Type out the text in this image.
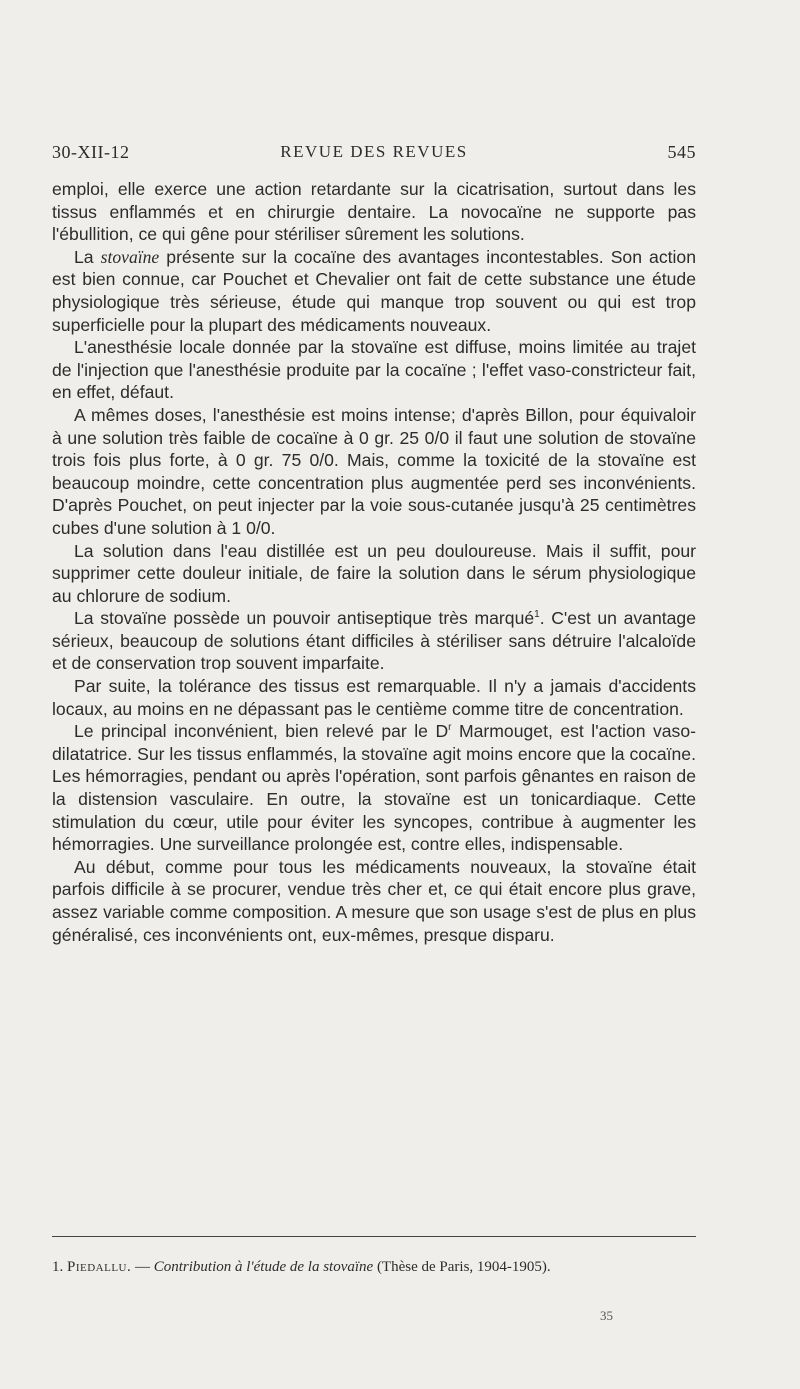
30-XII-12	REVUE DES REVUES	545

emploi, elle exerce une action retardante sur la cicatrisation, surtout dans les tissus enflammés et en chirurgie dentaire. La novocaïne ne supporte pas l'ébullition, ce qui gêne pour stériliser sûrement les solutions.

La stovaïne présente sur la cocaïne des avantages incontestables. Son action est bien connue, car Pouchet et Chevalier ont fait de cette substance une étude physiologique très sérieuse, étude qui manque trop souvent ou qui est trop superficielle pour la plupart des médicaments nouveaux.

L'anesthésie locale donnée par la stovaïne est diffuse, moins limitée au trajet de l'injection que l'anesthésie produite par la cocaïne ; l'effet vaso-constricteur fait, en effet, défaut.

A mêmes doses, l'anesthésie est moins intense; d'après Billon, pour équivaloir à une solution très faible de cocaïne à 0 gr. 25 0/0 il faut une solution de stovaïne trois fois plus forte, à 0 gr. 75 0/0. Mais, comme la toxicité de la stovaïne est beaucoup moindre, cette concentration plus augmentée perd ses inconvénients. D'après Pouchet, on peut injecter par la voie sous-cutanée jusqu'à 25 centimètres cubes d'une solution à 1 0/0.

La solution dans l'eau distillée est un peu douloureuse. Mais il suffit, pour supprimer cette douleur initiale, de faire la solution dans le sérum physiologique au chlorure de sodium.

La stovaïne possède un pouvoir antiseptique très marqué$^1$. C'est un avantage sérieux, beaucoup de solutions étant difficiles à stériliser sans détruire l'alcaloïde et de conservation trop souvent imparfaite.

Par suite, la tolérance des tissus est remarquable. Il n'y a jamais d'accidents locaux, au moins en ne dépassant pas le centième comme titre de concentration.

Le principal inconvénient, bien relevé par le $D^r$ Marmouget, est l'action vaso-dilatatrice. Sur les tissus enflammés, la stovaïne agit moins encore que la cocaïne. Les hémorragies, pendant ou après l'opération, sont parfois gênantes en raison de la distension vasculaire. En outre, la stovaïne est un tonicardiaque. Cette stimulation du cœur, utile pour éviter les syncopes, contribue à augmenter les hémorragies. Une surveillance prolongée est, contre elles, indispensable.

Au début, comme pour tous les médicaments nouveaux, la stovaïne était parfois difficile à se procurer, vendue très cher et, ce qui était encore plus grave, assez variable comme composition. A mesure que son usage s'est de plus en plus généralisé, ces inconvénients ont, eux-mêmes, presque disparu.

1. Piedallu. — Contribution à l'étude de la stovaïne (Thèse de Paris, 1904-1905).
35
